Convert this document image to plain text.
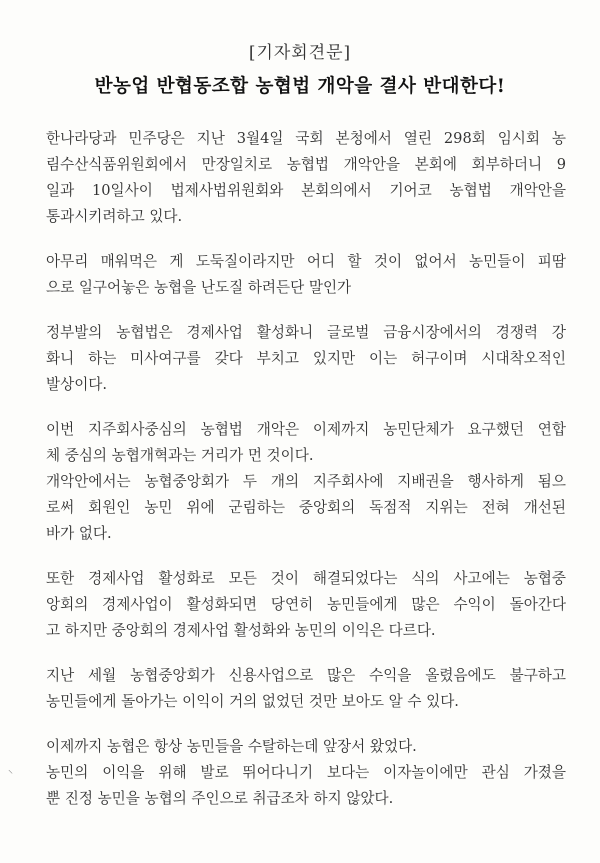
[기자회견문]
반농업 반협동조합 농협법 개악을 결사 반대한다!
한나라당과 민주당은 지난 3월4일 국회 본청에서 열린 298회 임시회 농
림수산식품위원회에서 만장일치로 농협법 개악안을 본회에 회부하더니 9
일과 10일사이 법제사법위원회와 본회의에서 기어코 농협법 개악안을
통과시키려하고 있다.
아무리 매워먹은 게 도둑질이라지만 어디 할 것이 없어서 농민들이 피땀
으로 일구어놓은 농협을 난도질 하려든단 말인가
정부발의 농협법은 경제사업 활성화니 글로벌 금융시장에서의 경쟁력 강
화니 하는 미사여구를 갖다 부치고 있지만 이는 허구이며 시대착오적인
발상이다.
이번 지주회사중심의 농협법 개악은 이제까지 농민단체가 요구했던 연합
체 중심의 농협개혁과는 거리가 먼 것이다.
개악안에서는 농협중앙회가 두 개의 지주회사에 지배권을 행사하게 됨으
로써 회원인 농민 위에 군림하는 중앙회의 독점적 지위는 전혀 개선된
바가 없다.
또한 경제사업 활성화로 모든 것이 해결되었다는 식의 사고에는 농협중
앙회의 경제사업이 활성화되면 당연히 농민들에게 많은 수익이 돌아간다
고 하지만 중앙회의 경제사업 활성화와 농민의 이익은 다르다.
지난 세월 농협중앙회가 신용사업으로 많은 수익을 올렸음에도 불구하고
농민들에게 돌아가는 이익이 거의 없었던 것만 보아도 알 수 있다.
이제까지 농협은 항상 농민들을 수탈하는데 앞장서 왔었다.
농민의 이익을 위해 발로 뛰어다니기 보다는 이자놀이에만 관심 가졌을
뿐 진정 농민을 농협의 주인으로 취급조차 하지 않았다.
⸌
